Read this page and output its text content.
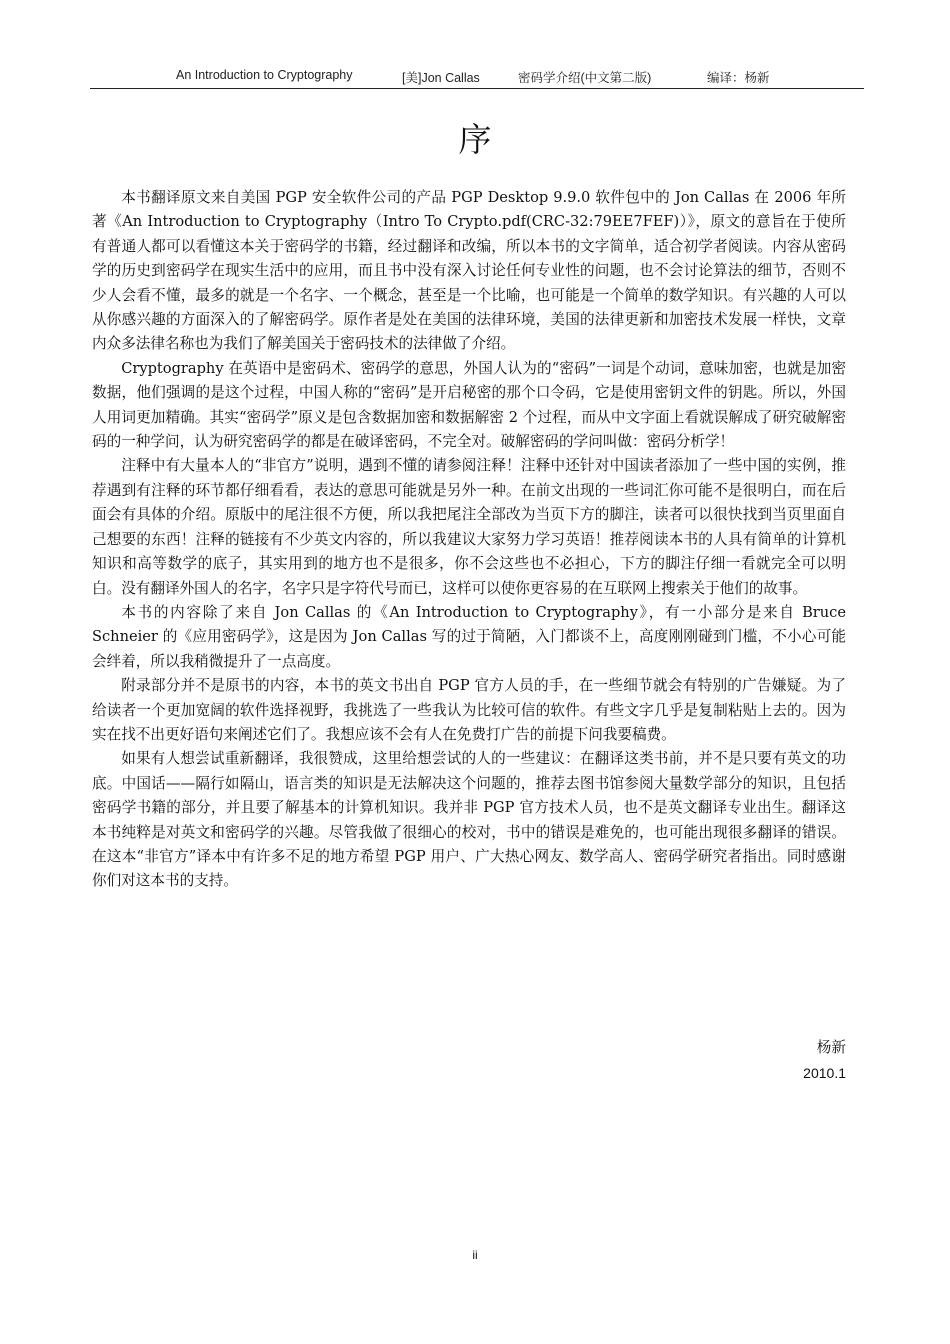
An Introduction to Cryptography	[美]Jon Callas	密码学介绍(中文第二版)	编译：杨新
序

本书翻译原文来自美国 PGP 安全软件公司的产品 PGP Desktop 9.9.0 软件包中的 Jon Callas 在 2006 年所著《An Introduction to Cryptography（Intro To Crypto.pdf(CRC-32:79EE7FEF)）》，原文的意旨在于使所有普通人都可以看懂这本关于密码学的书籍，经过翻译和改编，所以本书的文字简单，适合初学者阅读。内容从密码学的历史到密码学在现实生活中的应用，而且书中没有深入讨论任何专业性的问题，也不会讨论算法的细节，否则不少人会看不懂，最多的就是一个名字、一个概念，甚至是一个比喻，也可能是一个简单的数学知识。有兴趣的人可以从你感兴趣的方面深入的了解密码学。原作者是处在美国的法律环境，美国的法律更新和加密技术发展一样快，文章内众多法律名称也为我们了解美国关于密码技术的法律做了介绍。

Cryptography 在英语中是密码术、密码学的意思，外国人认为的“密码”一词是个动词，意味加密，也就是加密数据，他们强调的是这个过程，中国人称的“密码”是开启秘密的那个口令码，它是使用密钥文件的钥匙。所以，外国人用词更加精确。其实“密码学”原义是包含数据加密和数据解密 2 个过程，而从中文字面上看就误解成了研究破解密码的一种学问，认为研究密码学的都是在破译密码，不完全对。破解密码的学问叫做：密码分析学！

注释中有大量本人的“非官方”说明，遇到不懂的请参阅注释！注释中还针对中国读者添加了一些中国的实例，推荐遇到有注释的环节都仔细看看，表达的意思可能就是另外一种。在前文出现的一些词汇你可能不是很明白，而在后面会有具体的介绍。原版中的尾注很不方便，所以我把尾注全部改为当页下方的脚注，读者可以很快找到当页里面自己想要的东西！注释的链接有不少英文内容的，所以我建议大家努力学习英语！推荐阅读本书的人具有简单的计算机知识和高等数学的底子，其实用到的地方也不是很多，你不会这些也不必担心，下方的脚注仔细一看就完全可以明白。没有翻译外国人的名字，名字只是字符代号而已，这样可以使你更容易的在互联网上搜索关于他们的故事。

本书的内容除了来自 Jon Callas 的《An Introduction to Cryptography》，有一小部分是来自 Bruce Schneier 的《应用密码学》，这是因为 Jon Callas 写的过于简陋，入门都谈不上，高度刚刚碰到门槛，不小心可能会绊着，所以我稍微提升了一点高度。

附录部分并不是原书的内容，本书的英文书出自 PGP 官方人员的手，在一些细节就会有特别的广告嫌疑。为了给读者一个更加宽阔的软件选择视野，我挑选了一些我认为比较可信的软件。有些文字几乎是复制粘贴上去的。因为实在找不出更好语句来阐述它们了。我想应该不会有人在免费打广告的前提下问我要稿费。

如果有人想尝试重新翻译，我很赞成，这里给想尝试的人的一些建议：在翻译这类书前，并不是只要有英文的功底。中国话——隔行如隔山，语言类的知识是无法解决这个问题的，推荐去图书馆参阅大量数学部分的知识，且包括密码学书籍的部分，并且要了解基本的计算机知识。我并非 PGP 官方技术人员，也不是英文翻译专业出生。翻译这本书纯粹是对英文和密码学的兴趣。尽管我做了很细心的校对，书中的错误是难免的，也可能出现很多翻译的错误。在这本“非官方”译本中有许多不足的地方希望 PGP 用户、广大热心网友、数学高人、密码学研究者指出。同时感谢你们对这本书的支持。

杨新
2010.1
ii
